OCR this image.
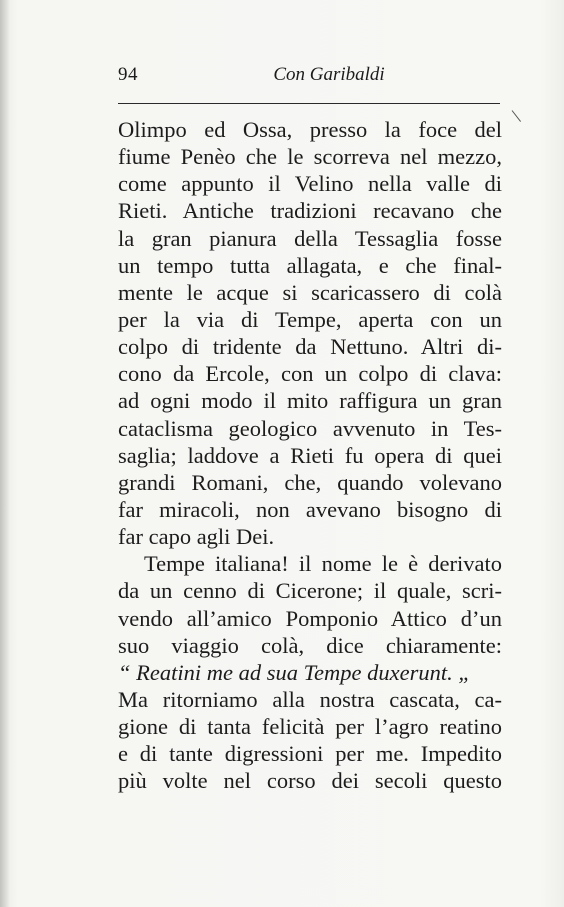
94	Con Garibaldi
Olimpo ed Ossa, presso la foce del
fiume Penèo che le scorreva nel mezzo,
come appunto il Velino nella valle di
Rieti. Antiche tradizioni recavano che
la gran pianura della Tessaglia fosse
un tempo tutta allagata, e che final-
mente le acque si scaricassero di colà
per la via di Tempe, aperta con un
colpo di tridente da Nettuno. Altri di-
cono da Ercole, con un colpo di clava:
ad ogni modo il mito raffigura un gran
cataclisma geologico avvenuto in Tes-
saglia; laddove a Rieti fu opera di quei
grandi Romani, che, quando volevano
far miracoli, non avevano bisogno di
far capo agli Dei.
Tempe italiana! il nome le è derivato
da un cenno di Cicerone; il quale, scri-
vendo all’amico Pomponio Attico d’un
suo viaggio colà, dice chiaramente:
“ Reatini me ad sua Tempe duxerunt. „
Ma ritorniamo alla nostra cascata, ca-
gione di tanta felicità per l’agro reatino
e di tante digressioni per me. Impedito
più volte nel corso dei secoli questo
